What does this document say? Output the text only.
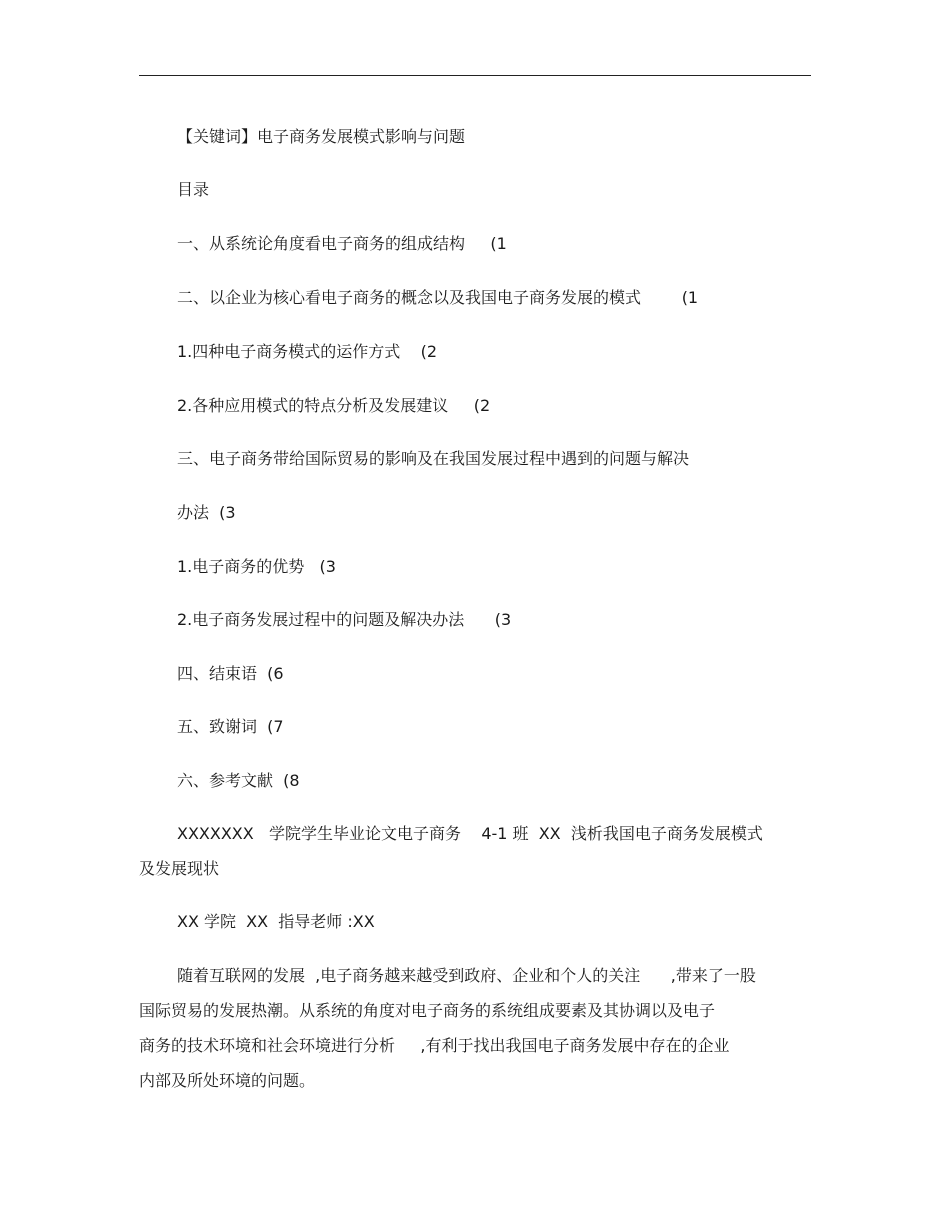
【关键词】电子商务发展模式影响与问题
目录
一、从系统论角度看电子商务的组成结构     (1
二、以企业为核心看电子商务的概念以及我国电子商务发展的模式        (1
1.四种电子商务模式的运作方式    (2
2.各种应用模式的特点分析及发展建议     (2
三、电子商务带给国际贸易的影响及在我国发展过程中遇到的问题与解决
办法  (3
1.电子商务的优势   (3
2.电子商务发展过程中的问题及解决办法      (3
四、结束语  (6
五、致谢词  (7
六、参考文献  (8
XXXXXXX   学院学生毕业论文电子商务    4-1 班  XX  浅析我国电子商务发展模式
及发展现状
XX 学院  XX  指导老师 :XX
随着互联网的发展  ,电子商务越来越受到政府、企业和个人的关注      ,带来了一股
国际贸易的发展热潮。从系统的角度对电子商务的系统组成要素及其协调以及电子
商务的技术环境和社会环境进行分析     ,有利于找出我国电子商务发展中存在的企业
内部及所处环境的问题。
